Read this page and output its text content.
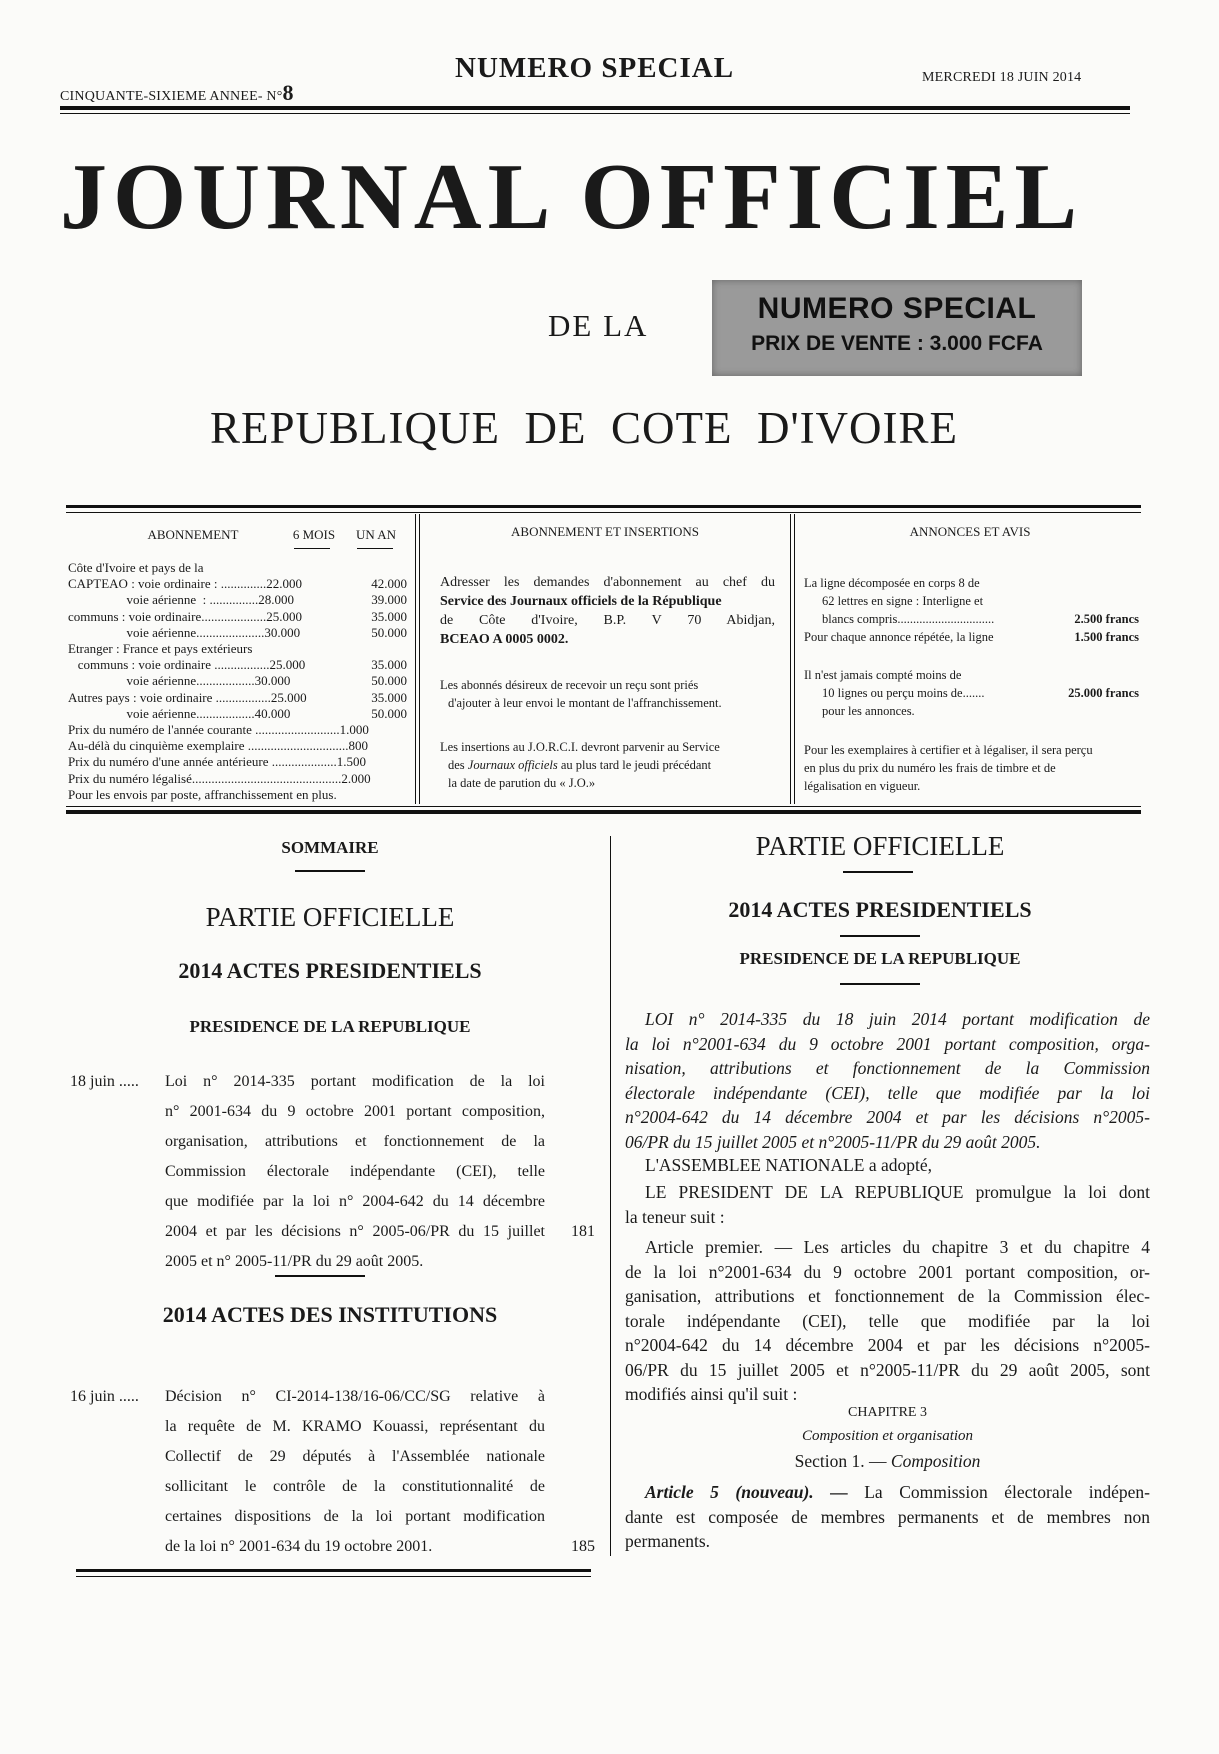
CINQUANTE-SIXIEME ANNEE- N°8
NUMERO SPECIAL	MERCREDI 18 JUIN 2014
JOURNAL OFFICIEL
DE LA	NUMERO SPECIAL
PRIX DE VENTE : 3.000 FCFA
REPUBLIQUE  DE  COTE  D'IVOIRE
ABONNEMENT	6 MOIS	UN AN
Côte d'Ivoire et pays de la
CAPTEAO : voie ordinaire : ..............22.000	42.000
voie aérienne  : ...............28.000	39.000
communs : voie ordinaire....................25.000	35.000
voie aérienne.....................30.000	50.000
Etranger : France et pays extérieurs
communs : voie ordinaire .................25.000	35.000
voie aérienne..................30.000	50.000
Autres pays : voie ordinaire .................25.000	35.000
voie aérienne..................40.000	50.000
Prix du numéro de l'année courante ..........................1.000
Au-délà du cinquième exemplaire ...............................800
Prix du numéro d'une année antérieure ....................1.500
Prix du numéro légalisé..............................................2.000
Pour les envois par poste, affranchissement en plus.
ABONNEMENT ET INSERTIONS
Adresser les demandes d'abonnement au chef du
Service des Journaux officiels de la République
de Côte d'Ivoire, B.P. V 70 Abidjan,
BCEAO A 0005 0002.
Les abonnés désireux de recevoir un reçu sont priés
d'ajouter à leur envoi le montant de l'affranchissement.
Les insertions au J.O.R.C.I. devront parvenir au Service
des Journaux officiels au plus tard le jeudi précédant
la date de parution du « J.O.»
ANNONCES ET AVIS
La ligne décomposée en corps 8 de
62 lettres en signe : Interligne et
blancs compris...............................	2.500 francs
Pour chaque annonce répétée, la ligne	1.500 francs
Il n'est jamais compté moins de
10 lignes ou perçu moins de.......	25.000 francs
pour les annonces.
Pour les exemplaires à certifier et à légaliser, il sera perçu
en plus du prix du numéro les frais de timbre et de
légalisation en vigueur.
SOMMAIRE
PARTIE OFFICIELLE
2014 ACTES PRESIDENTIELS
PRESIDENCE DE LA REPUBLIQUE
18 juin .....	Loi n° 2014-335 portant modification de la loi
n° 2001-634 du 9 octobre 2001 portant composition,
organisation, attributions et fonctionnement de la
Commission électorale indépendante (CEI), telle
que modifiée par la loi n° 2004-642 du 14 décembre
2004 et par les décisions n° 2005-06/PR du 15 juillet
2005 et n° 2005-11/PR du 29 août 2005.
181
2014 ACTES DES INSTITUTIONS
16 juin .....	Décision n° CI-2014-138/16-06/CC/SG relative à
la requête de M. KRAMO Kouassi, représentant du
Collectif de 29 députés à l'Assemblée nationale
sollicitant le contrôle de la constitutionnalité de
certaines dispositions de la loi portant modification
de la loi n° 2001-634 du 19 octobre 2001.	185
PARTIE OFFICIELLE
2014 ACTES PRESIDENTIELS
PRESIDENCE DE LA REPUBLIQUE
LOI n° 2014-335 du 18 juin 2014 portant modification de
la loi n°2001-634 du 9 octobre 2001 portant composition, orga-
nisation, attributions et fonctionnement de la Commission
électorale indépendante (CEI), telle que modifiée par la loi
n°2004-642 du 14 décembre 2004 et par les décisions n°2005-
06/PR du 15 juillet 2005 et n°2005-11/PR du 29 août 2005.
L'ASSEMBLEE NATIONALE a adopté,
LE PRESIDENT DE LA REPUBLIQUE promulgue la loi dont
la teneur suit :
Article premier. — Les articles du chapitre 3 et du chapitre 4
de la loi n°2001-634 du 9 octobre 2001 portant composition, or-
ganisation, attributions et fonctionnement de la Commission élec-
torale indépendante (CEI), telle que modifiée par la loi
n°2004-642 du 14 décembre 2004 et par les décisions n°2005-
06/PR du 15 juillet 2005 et n°2005-11/PR du 29 août 2005, sont
modifiés ainsi qu'il suit :
CHAPITRE 3
Composition et organisation
Section 1. — Composition
Article 5 (nouveau). — La Commission électorale indépen-
dante est composée de membres permanents et de membres non
permanents.
